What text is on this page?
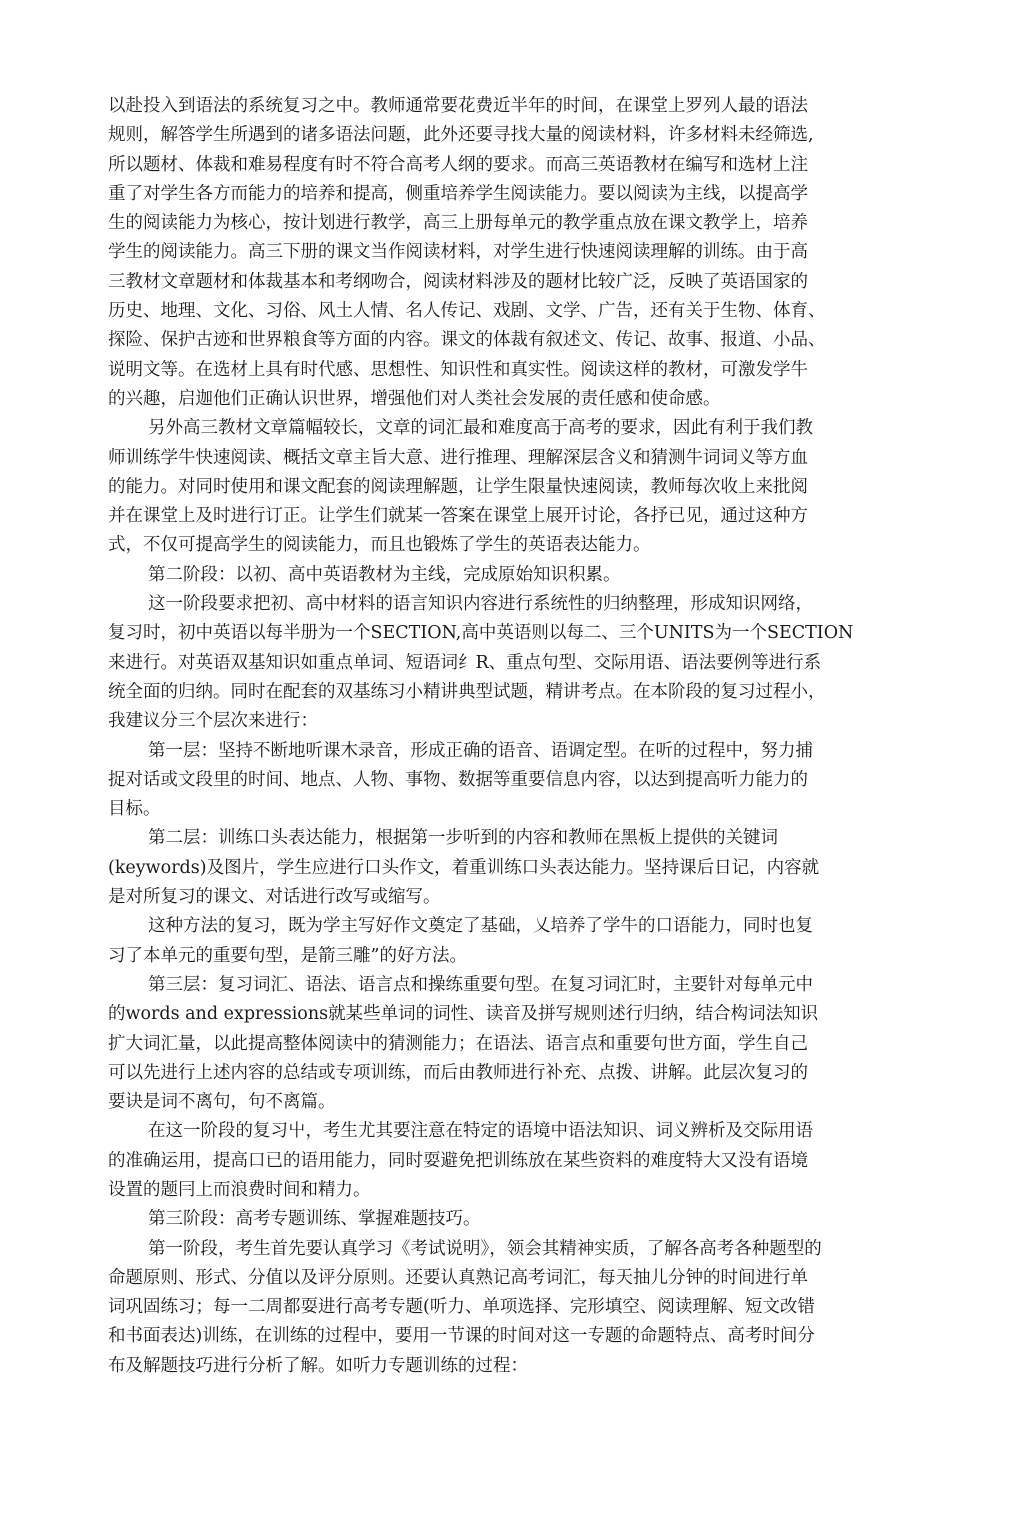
以赴投入到语法的系统复习之中。教师通常要花费近半年的时间，在课堂上罗列人最的语法
规则，解答学生所遇到的诸多语法问题，此外还要寻找大量的阅读材料，许多材料未经筛选,
所以题材、体裁和难易程度有时不符合高考人纲的要求。而高三英语教材在编写和选材上注
重了对学生各方而能力的培养和提高，侧重培养学生阅读能力。要以阅读为主线，以提高学
生的阅读能力为核心，按计划进行教学，高三上册每单元的教学重点放在课文教学上，培养
学生的阅读能力。高三下册的课文当作阅读材料，对学生进行快速阅读理解的训练。由于高
三教材文章题材和体裁基本和考纲吻合，阅读材料涉及的题材比较广泛，反映了英语国家的
历史、地理、文化、习俗、风土人情、名人传记、戏剧、文学、广告，还有关于生物、体育、
探险、保护古迹和世界粮食等方面的内容。课文的体裁有叙述文、传记、故事、报道、小品、
说明文等。在选材上具有时代感、思想性、知识性和真实性。阅读这样的教材，可激发学牛
的兴趣，启迦他们正确认识世界，增强他们对人类社会发展的责任感和使命感。
另外高三教材文章篇幅较长，文章的词汇最和难度高于高考的要求，因此有利于我们教
师训练学牛快速阅读、概括文章主旨大意、进行推理、理解深层含义和猜测牛词词义等方血
的能力。对同时使用和课文配套的阅读理解题，让学生限量快速阅读，教师每次收上来批阅
并在课堂上及时进行订正。让学生们就某一答案在课堂上展开讨论，各抒已见，通过这种方
式，不仅可提高学生的阅读能力，而且也锻炼了学生的英语表达能力。
第二阶段：以初、高中英语教材为主线，完成原始知识积累。
这一阶段要求把初、高中材料的语言知识内容进行系统性的归纳整理，形成知识网络，
复习时，初中英语以每半册为一个SECTION,高中英语则以每二、三个UNITS为一个SECTION
来进行。对英语双基知识如重点单词、短语词纟R、重点句型、交际用语、语法要例等进行系
统全面的归纳。同时在配套的双基练习小精讲典型试题，精讲考点。在本阶段的复习过程小，
我建议分三个层次来进行：
第一层：坚持不断地听课木录音，形成正确的语音、语调定型。在听的过程中，努力捕
捉对话或文段里的时间、地点、人物、事物、数据等重要信息内容，以达到提高听力能力的
目标。
第二层：训练口头表达能力，根据第一步听到的内容和教师在黑板上提供的关键词
(keywords)及图片，学生应进行口头作文，着重训练口头表达能力。坚持课后日记，内容就
是对所复习的课文、对话进行改写或缩写。
这种方法的复习，既为学主写好作文奠定了基础，乂培养了学牛的口语能力，同时也复
习了本单元的重要句型，是箭三雕”的好方法。
第三层：复习词汇、语法、语言点和操练重要句型。在复习词汇时，主要针对每单元中
的words and expressions就某些单词的词性、读音及拼写规则述行归纳，结合构词法知识
扩大词汇量，以此提高整体阅读中的猜测能力；在语法、语言点和重要句世方面，学生自己
可以先进行上述内容的总结或专项训练，而后由教师进行补充、点拨、讲解。此层次复习的
要诀是词不离句，句不离篇。
在这一阶段的复习屮，考生尤其要注意在特定的语境中语法知识、词义辨析及交际用语
的准确运用，提高口已的语用能力，同时耍避免把训练放在某些资料的难度特大又没有语境
设置的题冃上而浪费时间和精力。
第三阶段：高考专题训练、掌握难题技巧。
第一阶段，考生首先要认真学习《考试说明》，领会其精神实质，了解各高考各种题型的
命题原则、形式、分值以及评分原则。还要认真熟记高考词汇，每天抽儿分钟的时间进行单
词巩固练习；每一二周都耍进行高考专题(听力、单项选择、完形填空、阅读理解、短文改错
和书面表达)训练，在训练的过程中，要用一节课的时间对这一专题的命题特点、高考时间分
布及解题技巧进行分析了解。如听力专题训练的过程：
